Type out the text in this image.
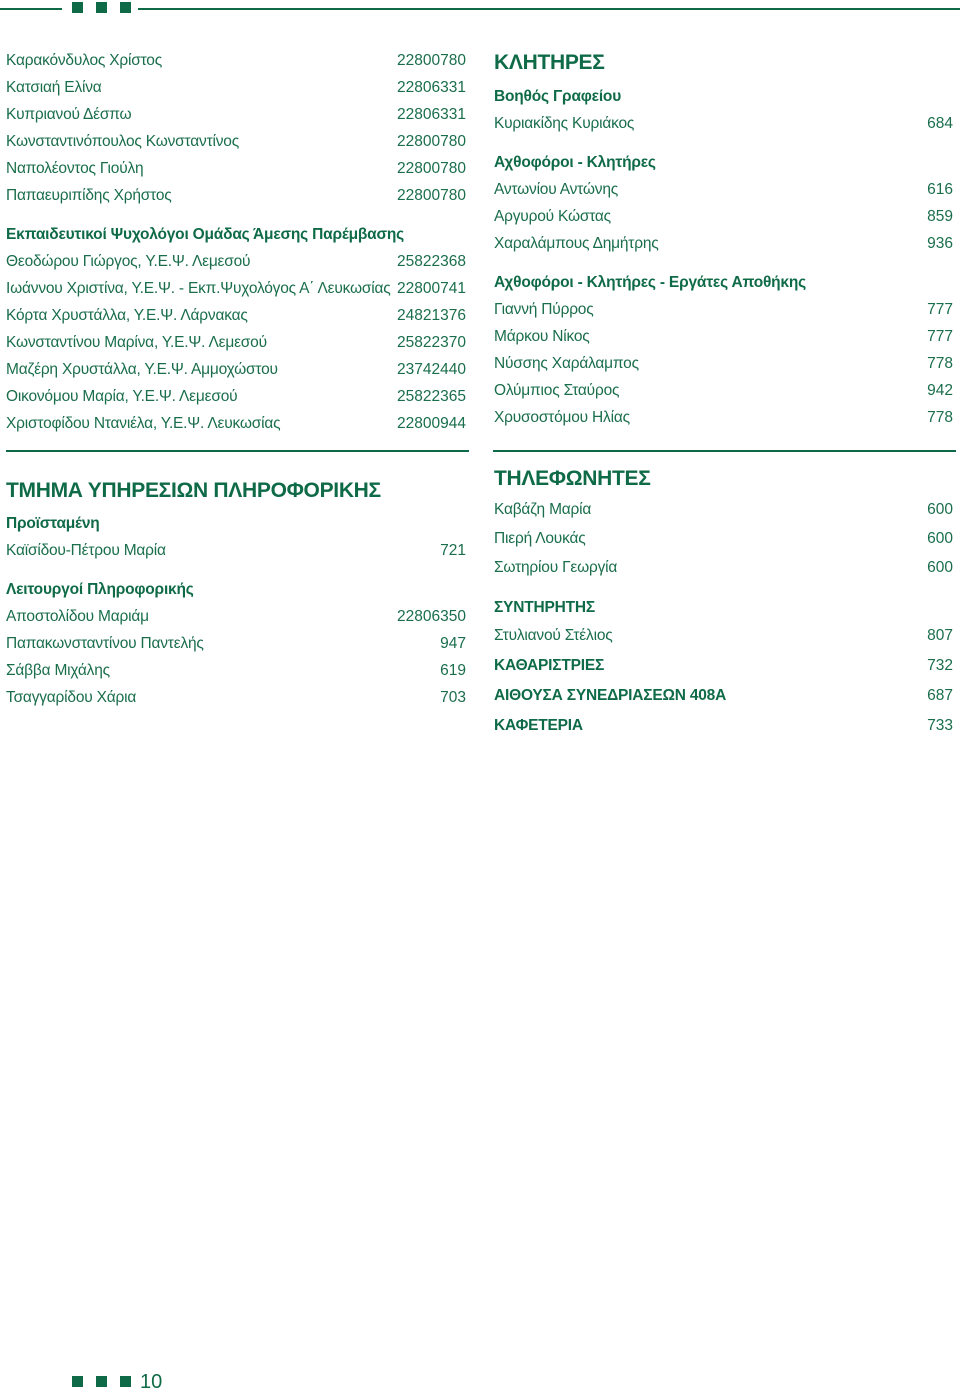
Καρακόνδυλος Χρίστος	22800780
Κατσιαή Ελίνα	22806331
Κυπριανού Δέσπω	22806331
Κωνσταντινόπουλος Κωνσταντίνος	22800780
Ναπολέοντος Γιούλη	22800780
Παπαευριπίδης Χρήστος	22800780
Εκπαιδευτικοί Ψυχολόγοι Ομάδας Άμεσης Παρέμβασης
Θεοδώρου Γιώργος, Υ.Ε.Ψ. Λεμεσού	25822368
Ιωάννου Χριστίνα, Υ.Ε.Ψ. - Εκπ.Ψυχολόγος Α΄ Λευκωσίας 22800741
Κόρτα Χρυστάλλα, Υ.Ε.Ψ. Λάρνακας	24821376
Κωνσταντίνου Μαρίνα, Υ.Ε.Ψ. Λεμεσού	25822370
Μαζέρη Χρυστάλλα, Υ.Ε.Ψ. Αμμοχώστου	23742440
Οικονόμου Μαρία, Υ.Ε.Ψ. Λεμεσού	25822365
Χριστοφίδου Ντανιέλα, Υ.Ε.Ψ. Λευκωσίας	22800944
ΤΜΗΜΑ ΥΠΗΡΕΣΙΩΝ ΠΛΗΡΟΦΟΡΙΚΗΣ
Προϊσταμένη
Καϊσίδου-Πέτρου Μαρία	721
Λειτουργοί Πληροφορικής
Αποστολίδου Μαριάμ	22806350
Παπακωνσταντίνου Παντελής	947
Σάββα Μιχάλης	619
Τσαγγαρίδου Χάρια	703
ΚΛΗΤΗΡΕΣ
Βοηθός Γραφείου
Κυριακίδης Κυριάκος	684
Αχθοφόροι - Κλητήρες
Αντωνίου Αντώνης	616
Αργυρού Κώστας	859
Χαραλάμπους Δημήτρης	936
Αχθοφόροι - Κλητήρες - Εργάτες Αποθήκης
Γιαννή Πύρρος	777
Μάρκου Νίκος	777
Νύσσης Χαράλαμπος	778
Ολύμπιος Σταύρος	942
Χρυσοστόμου Ηλίας	778
ΤΗΛΕΦΩΝΗΤΕΣ
Καβάζη Μαρία	600
Πιερή Λουκάς	600
Σωτηρίου Γεωργία	600
ΣΥΝΤΗΡΗΤΗΣ
Στυλιανού Στέλιος	807
ΚΑΘΑΡΙΣΤΡΙΕΣ	732
ΑΙΘΟΥΣΑ ΣΥΝΕΔΡΙΑΣΕΩΝ 408Α	687
ΚΑΦΕΤΕΡΙΑ	733
10
